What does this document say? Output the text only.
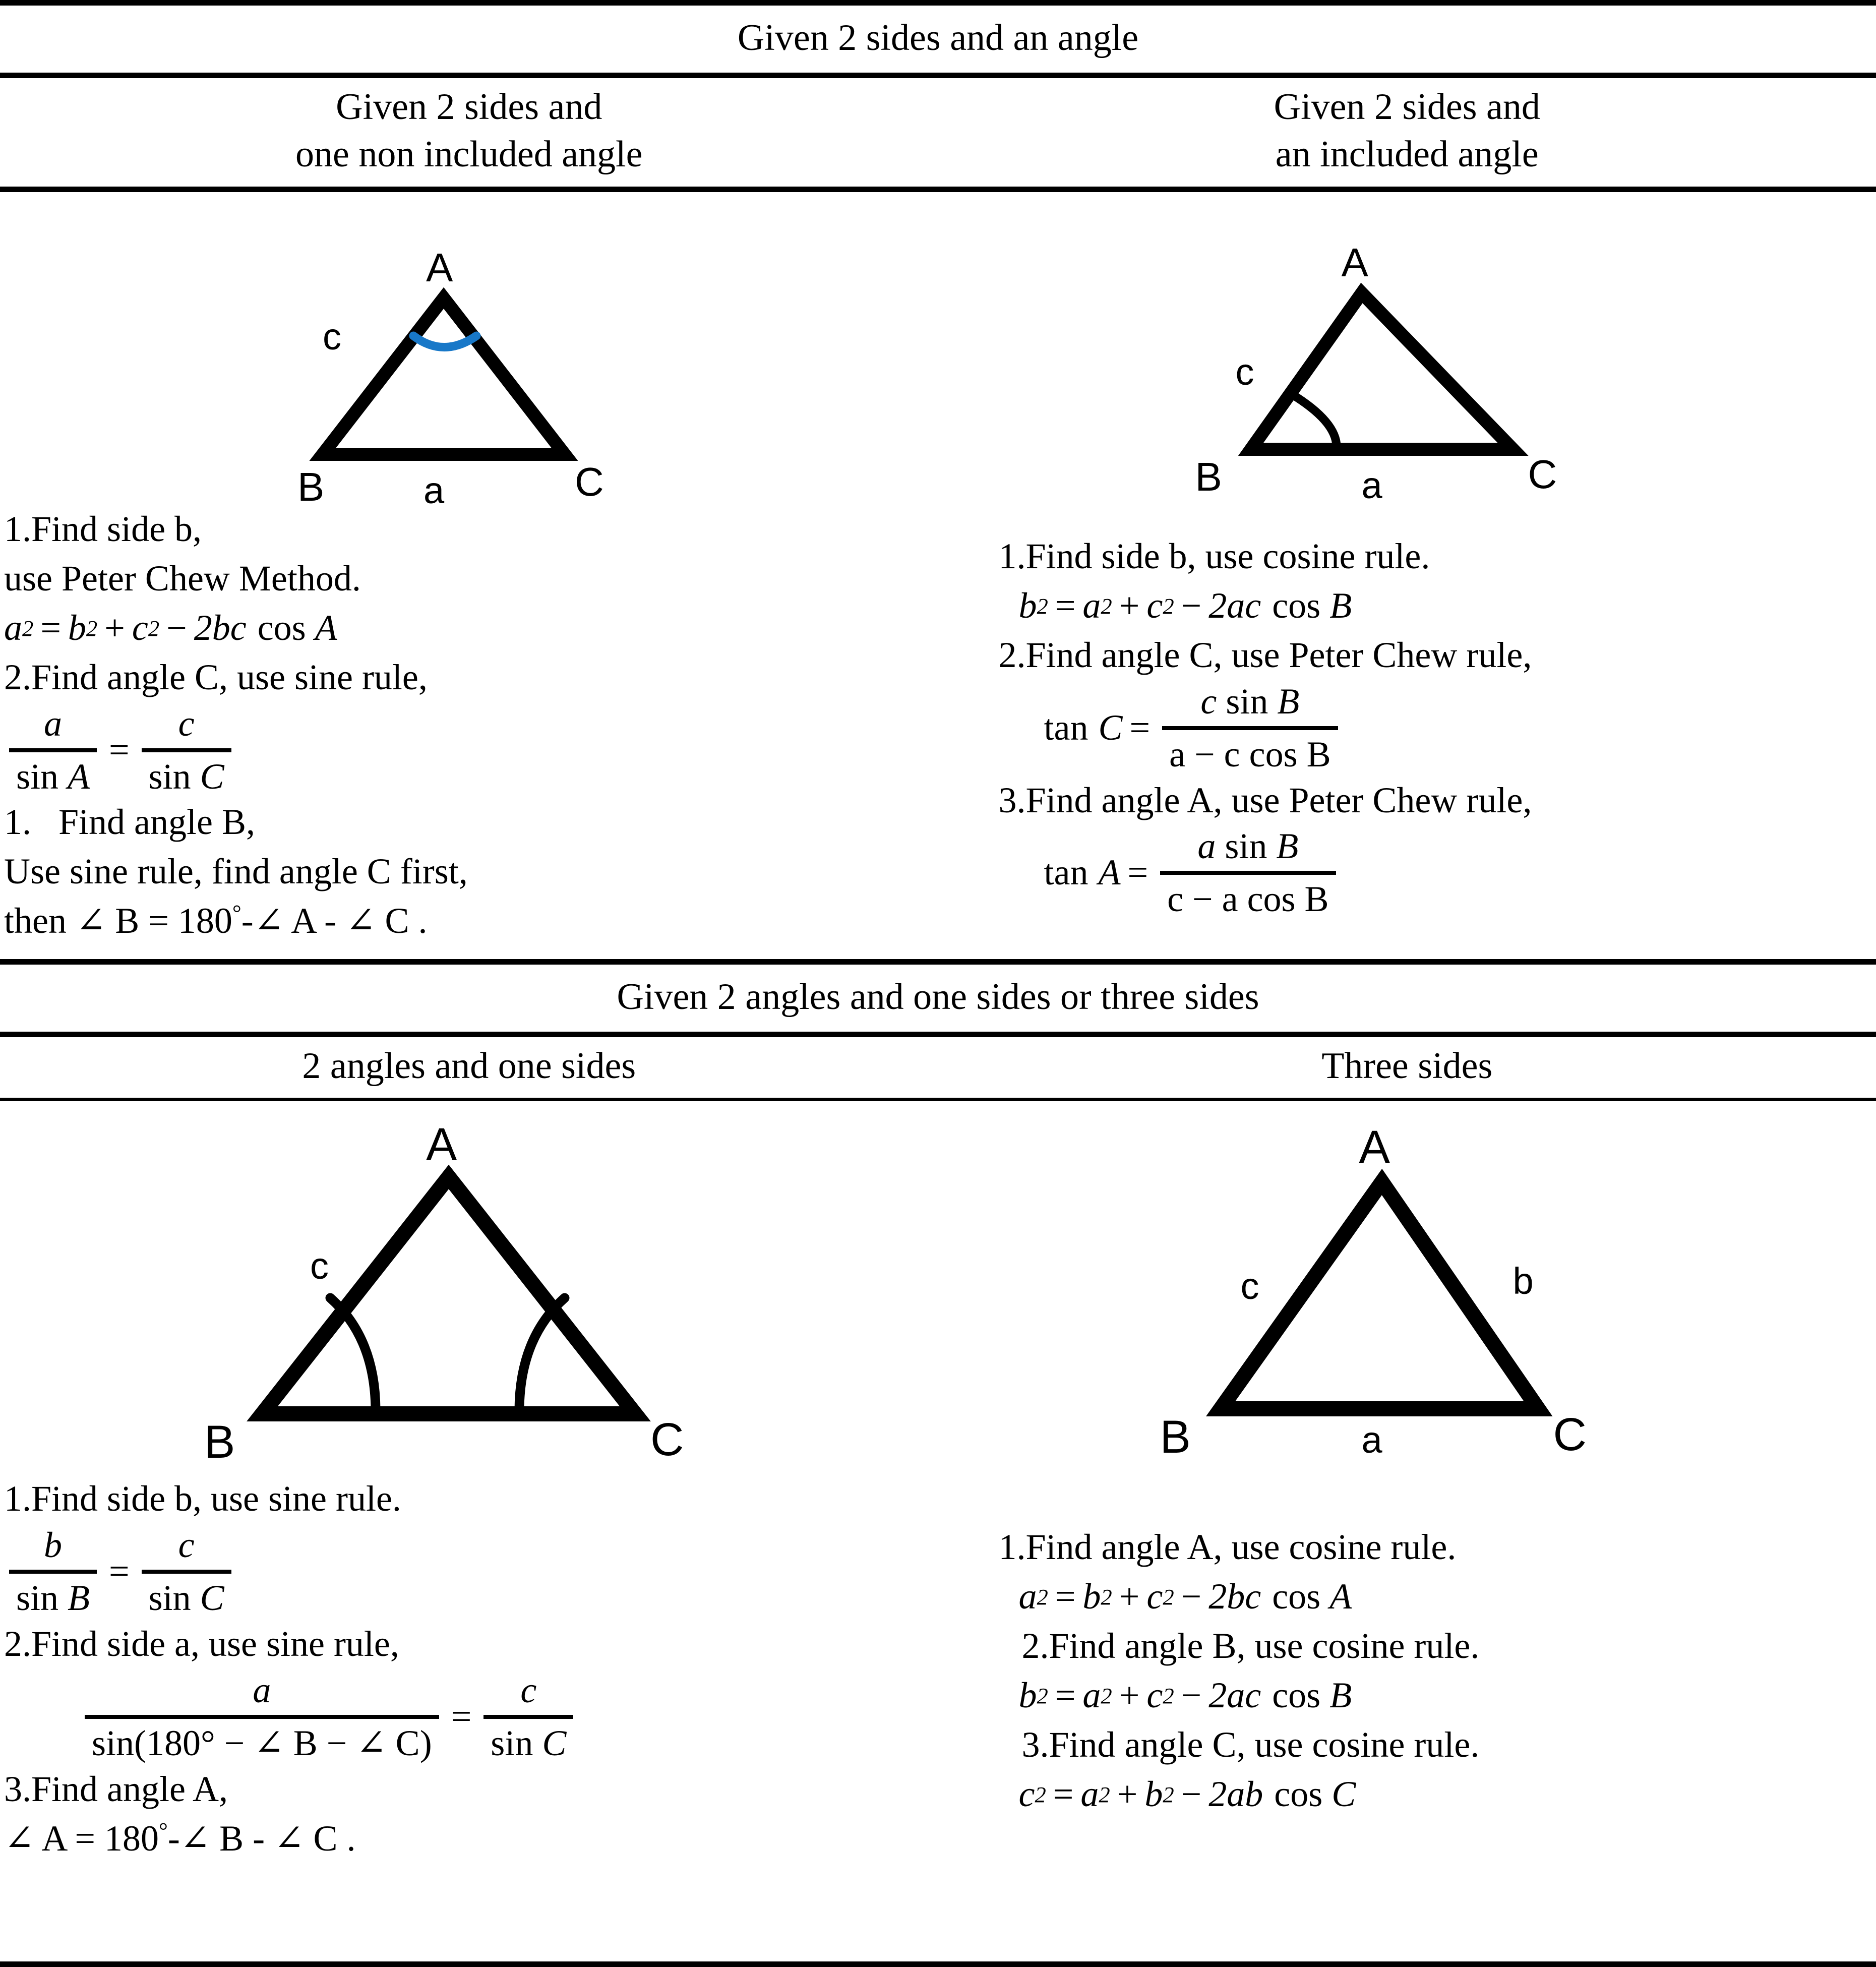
Given 2 sides and an angle
Given 2 sides and
one non included angle
Given 2 sides and
an included angle
A
B	C
c
a
1.Find side b,
use Peter Chew Method.
a 2 = b 2 + c 2 − 2bc cos A
2.Find angle C, use sine rule,
a
sin A
=
c
sin C
1.   Find angle B,
Use sine rule, find angle C first,
then ∠ B = 180°-∠ A - ∠ C .
A
B	C
c
a
1.Find side b, use cosine rule.
b 2 = a 2 + c 2 − 2ac cos B
2.Find angle C, use Peter Chew rule,
tan C =
c sin B
a − c cos B
3.Find angle A, use Peter Chew rule,
tan A =
a sin B
c − a cos B
Given 2 angles and one sides or three sides
2 angles and one sides	Three sides
A
B	C
c
1.Find side b, use sine rule.
b
sin B
=
c
sin C
2.Find side a, use sine rule,
a
sin(180° − ∠ B − ∠ C)
=
c
sin C
3.Find angle A,
∠ A = 180°-∠ B - ∠ C .
A
B	C
c	b
a
1.Find angle A, use cosine rule.
a 2 = b 2 + c 2 − 2bc cos A
2.Find angle B, use cosine rule.
b 2 = a 2 + c 2 − 2ac cos B
3.Find angle C, use cosine rule.
c 2 = a 2 + b 2 − 2ab cos C
